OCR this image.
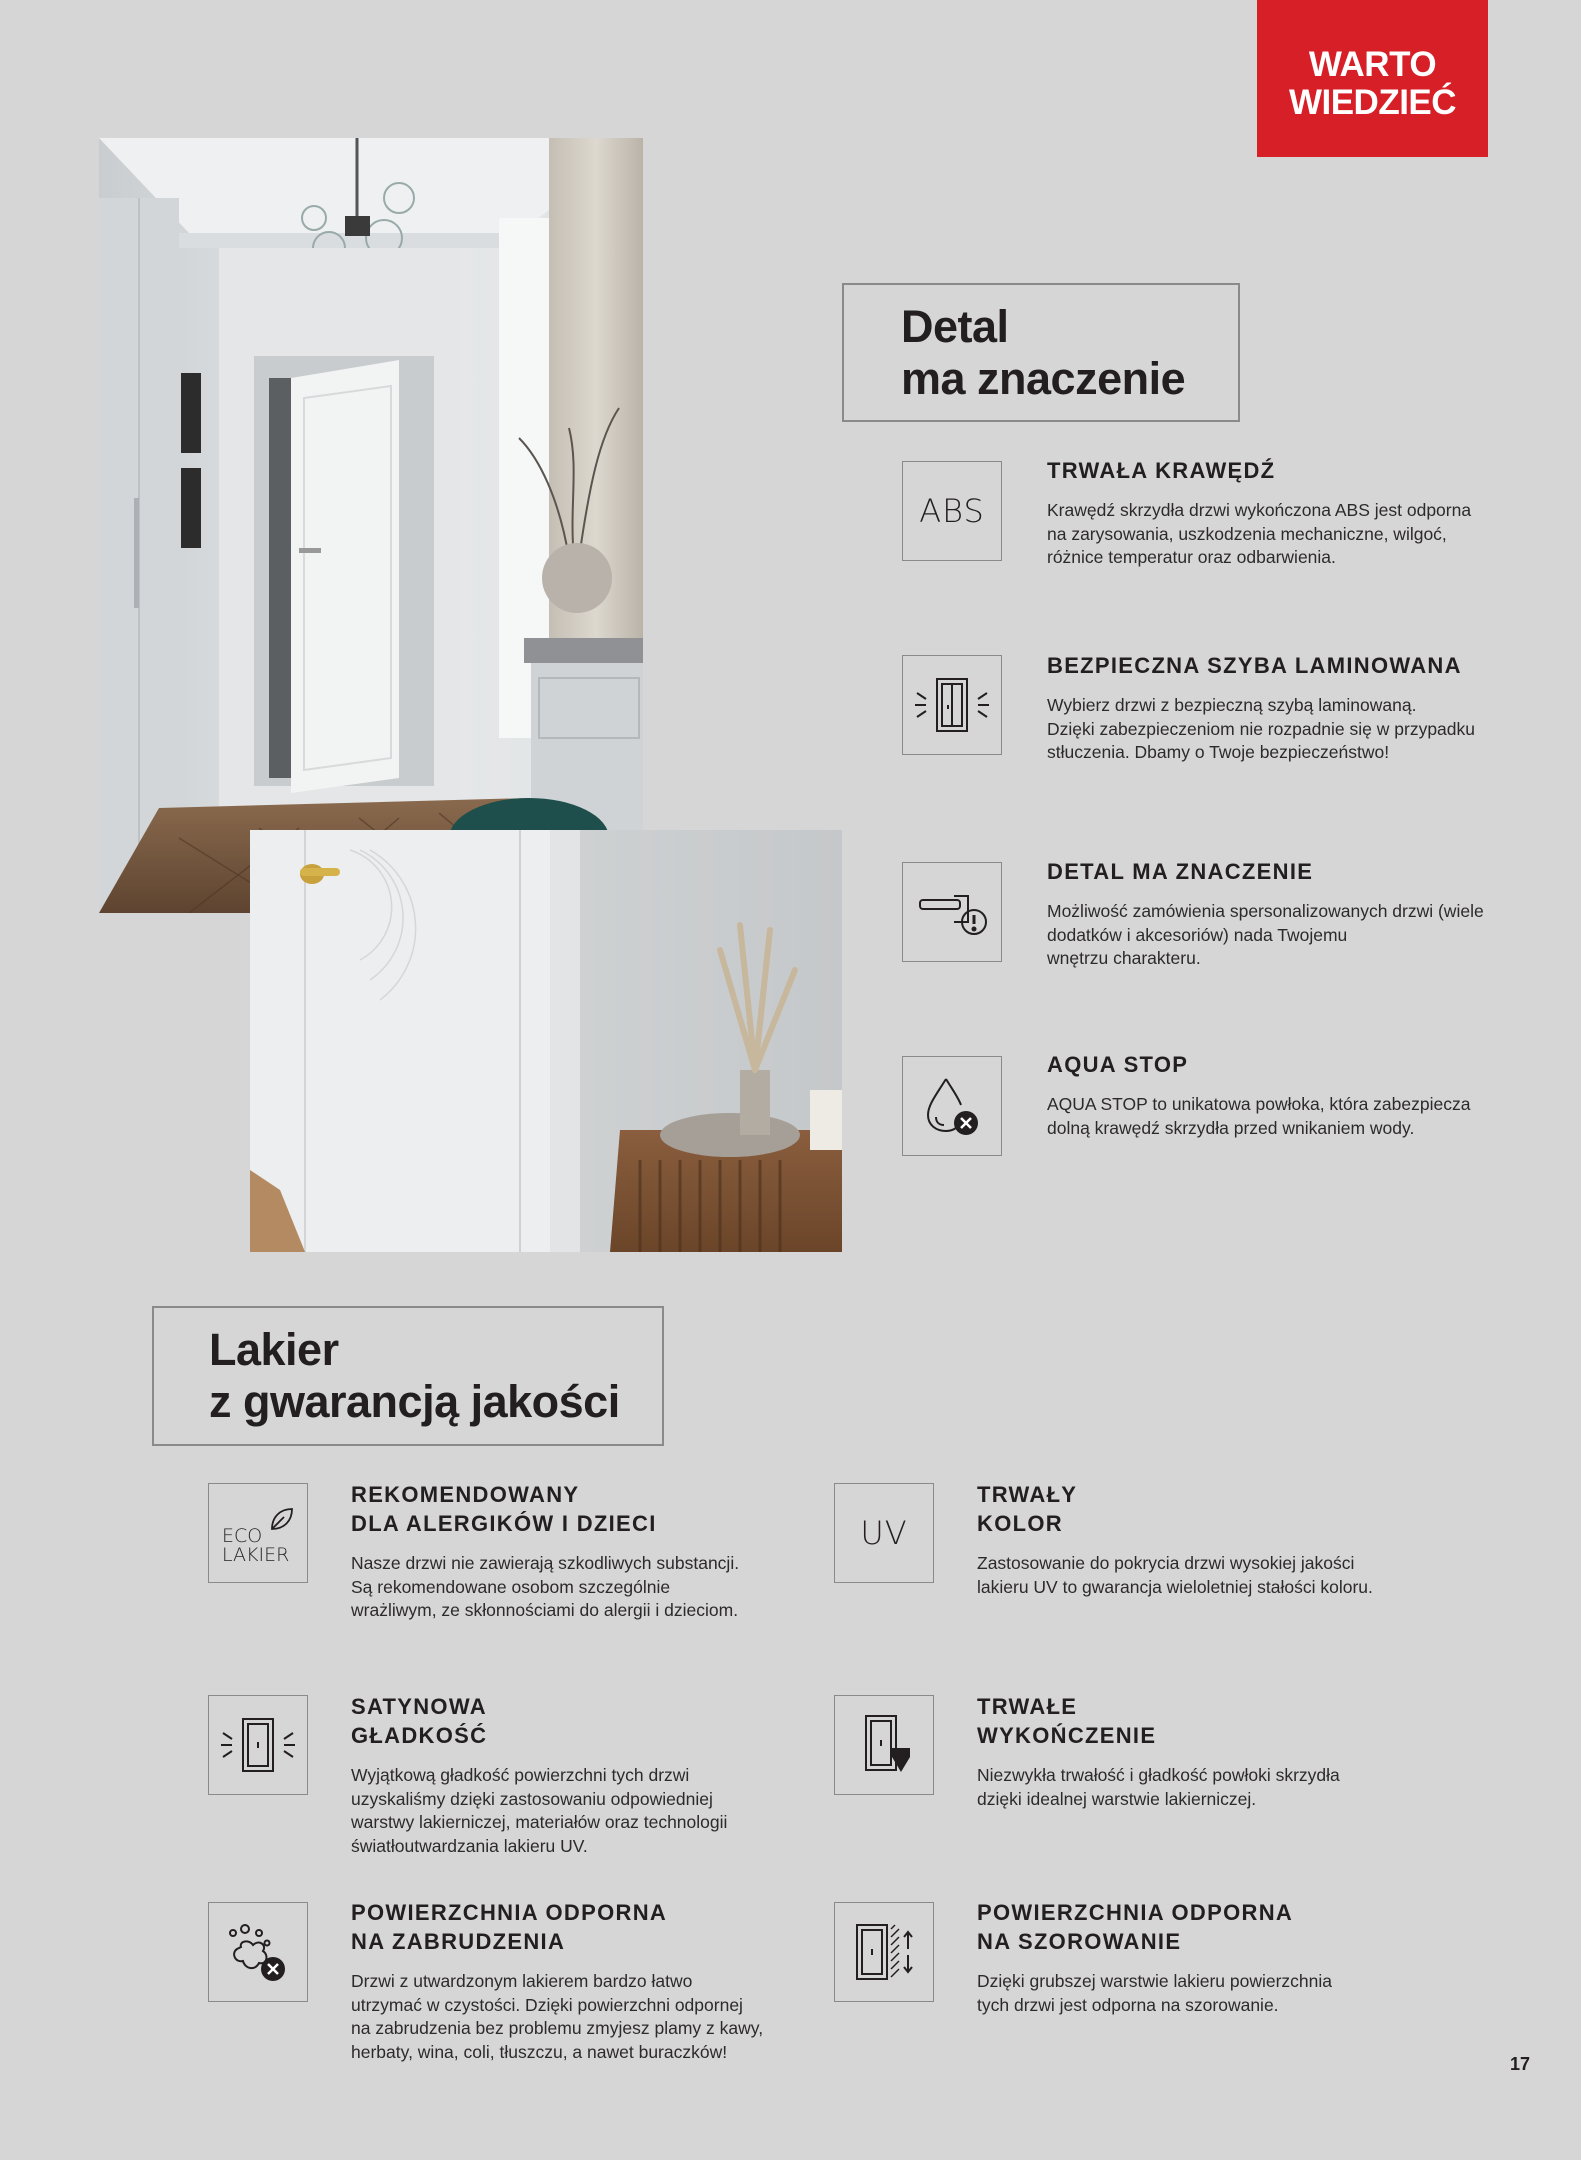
WARTO
WIEDZIEĆ
Detal
ma znaczenie
ABS
TRWAŁA KRAWĘDŹ
Krawędź skrzydła drzwi wykończona ABS jest odporna
na zarysowania, uszkodzenia mechaniczne, wilgoć,
różnice temperatur oraz odbarwienia.
BEZPIECZNA SZYBA LAMINOWANA
Wybierz drzwi z bezpieczną szybą laminowaną.
Dzięki zabezpieczeniom nie rozpadnie się w przypadku
stłuczenia. Dbamy o Twoje bezpieczeństwo!
DETAL MA ZNACZENIE
Możliwość zamówienia spersonalizowanych drzwi (wiele
dodatków i akcesoriów) nada Twojemu
wnętrzu charakteru.
AQUA STOP
AQUA STOP to unikatowa powłoka, która zabezpiecza
dolną krawędź skrzydła przed wnikaniem wody.
Lakier
z gwarancją jakości
ECO
LAKIER
REKOMENDOWANY
DLA ALERGIKÓW I DZIECI
Nasze drzwi nie zawierają szkodliwych substancji.
Są rekomendowane osobom szczególnie
wrażliwym, ze skłonnościami do alergii i dzieciom.
UV
TRWAŁY
KOLOR
Zastosowanie do pokrycia drzwi wysokiej jakości
lakieru UV to gwarancja wieloletniej stałości koloru.
SATYNOWA
GŁADKOŚĆ
Wyjątkową gładkość powierzchni tych drzwi
uzyskaliśmy dzięki zastosowaniu odpowiedniej
warstwy lakierniczej, materiałów oraz technologii
światłoutwardzania lakieru UV.
TRWAŁE
WYKOŃCZENIE
Niezwykła trwałość i gładkość powłoki skrzydła
dzięki idealnej warstwie lakierniczej.
POWIERZCHNIA ODPORNA
NA ZABRUDZENIA
Drzwi z utwardzonym lakierem bardzo łatwo
utrzymać w czystości. Dzięki powierzchni odpornej
na zabrudzenia bez problemu zmyjesz plamy z kawy,
herbaty, wina, coli, tłuszczu, a nawet buraczków!
POWIERZCHNIA ODPORNA
NA SZOROWANIE
Dzięki grubszej warstwie lakieru powierzchnia
tych drzwi jest odporna na szorowanie.
17
